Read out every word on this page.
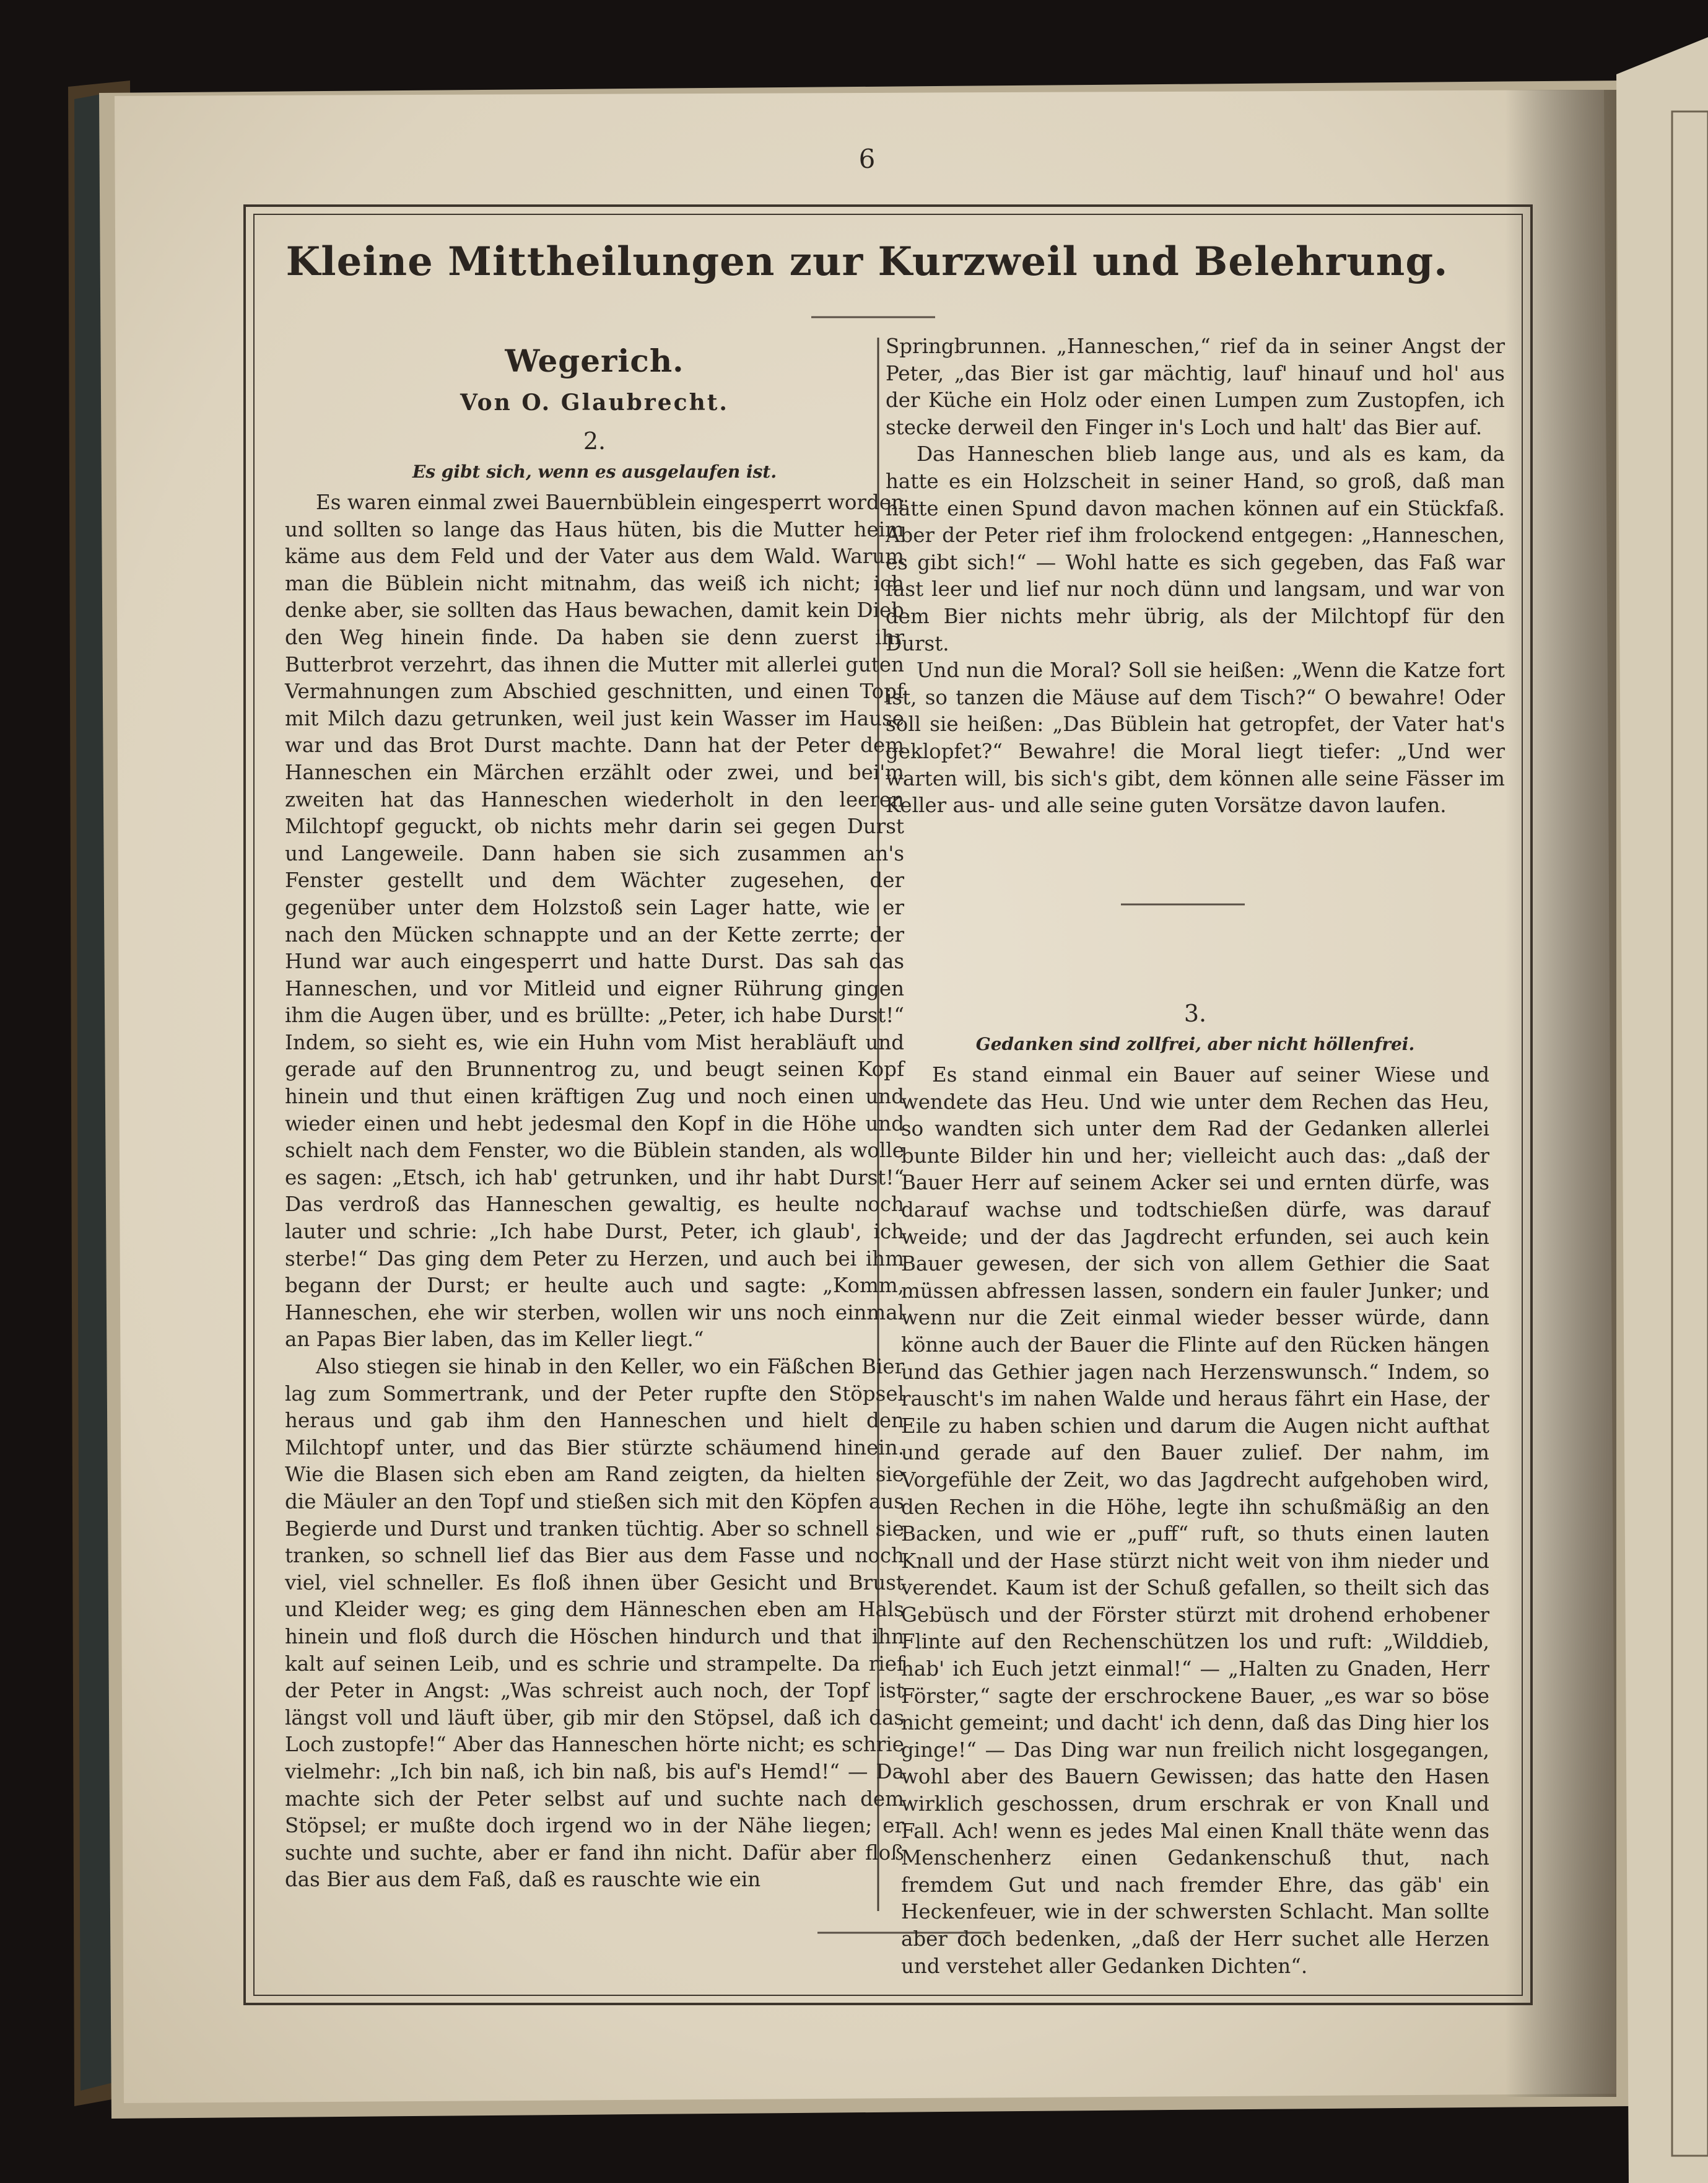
6
Kleine Mittheilungen zur Kurzweil und Belehrung.
Wegerich.
Von O. Glaubrecht.
2.
Es gibt sich, wenn es ausgelaufen ist.

Es waren einmal zwei Bauernbüblein eingesperrt worden und sollten so lange das Haus hüten, bis die Mutter heim käme aus dem Feld und der Vater aus dem Wald. Warum man die Büblein nicht mitnahm, das weiß ich nicht; ich denke aber, sie sollten das Haus bewachen, damit kein Dieb den Weg hinein finde. Da haben sie denn zuerst ihr Butterbrot verzehrt, das ihnen die Mutter mit allerlei guten Vermahnungen zum Abschied geschnitten, und einen Topf mit Milch dazu getrunken, weil just kein Wasser im Hause war und das Brot Durst machte. Dann hat der Peter dem Hanneschen ein Märchen erzählt oder zwei, und bei'm zweiten hat das Hanneschen wiederholt in den leeren Milchtopf geguckt, ob nichts mehr darin sei gegen Durst und Langeweile. Dann haben sie sich zusammen an's Fenster gestellt und dem Wächter zugesehen, der gegenüber unter dem Holzstoß sein Lager hatte, wie er nach den Mücken schnappte und an der Kette zerrte; der Hund war auch eingesperrt und hatte Durst. Das sah das Hanneschen, und vor Mitleid und eigner Rührung gingen ihm die Augen über, und es brüllte: „Peter, ich habe Durst!“ Indem, so sieht es, wie ein Huhn vom Mist herabläuft und gerade auf den Brunnentrog zu, und beugt seinen Kopf hinein und thut einen kräftigen Zug und noch einen und wieder einen und hebt jedesmal den Kopf in die Höhe und schielt nach dem Fenster, wo die Büblein standen, als wolle es sagen: „Etsch, ich hab' getrunken, und ihr habt Durst!“ Das verdroß das Hanneschen gewaltig, es heulte noch lauter und schrie: „Ich habe Durst, Peter, ich glaub', ich sterbe!“ Das ging dem Peter zu Herzen, und auch bei ihm begann der Durst; er heulte auch und sagte: „Komm, Hanneschen, ehe wir sterben, wollen wir uns noch einmal an Papas Bier laben, das im Keller liegt.“

Also stiegen sie hinab in den Keller, wo ein Fäßchen Bier lag zum Sommertrank, und der Peter rupfte den Stöpsel heraus und gab ihm den Hanneschen und hielt den Milchtopf unter, und das Bier stürzte schäumend hinein. Wie die Blasen sich eben am Rand zeigten, da hielten sie die Mäuler an den Topf und stießen sich mit den Köpfen aus Begierde und Durst und tranken tüchtig. Aber so schnell sie tranken, so schnell lief das Bier aus dem Fasse und noch viel, viel schneller. Es floß ihnen über Gesicht und Brust und Kleider weg; es ging dem Hänneschen eben am Hals hinein und floß durch die Höschen hindurch und that ihn kalt auf seinen Leib, und es schrie und strampelte. Da rief der Peter in Angst: „Was schreist auch noch, der Topf ist längst voll und läuft über, gib mir den Stöpsel, daß ich das Loch zustopfe!“ Aber das Hanneschen hörte nicht; es schrie vielmehr: „Ich bin naß, ich bin naß, bis auf's Hemd!“ — Da machte sich der Peter selbst auf und suchte nach dem Stöpsel; er mußte doch irgend wo in der Nähe liegen; er suchte und suchte, aber er fand ihn nicht. Dafür aber floß das Bier aus dem Faß, daß es rauschte wie ein

Springbrunnen. „Hanneschen,“ rief da in seiner Angst der Peter, „das Bier ist gar mächtig, lauf' hinauf und hol' aus der Küche ein Holz oder einen Lumpen zum Zustopfen, ich stecke derweil den Finger in's Loch und halt' das Bier auf.

Das Hanneschen blieb lange aus, und als es kam, da hatte es ein Holzscheit in seiner Hand, so groß, daß man hätte einen Spund davon machen können auf ein Stückfaß. Aber der Peter rief ihm frolockend entgegen: „Hanneschen, es gibt sich!“ — Wohl hatte es sich gegeben, das Faß war fast leer und lief nur noch dünn und langsam, und war von dem Bier nichts mehr übrig, als der Milchtopf für den Durst.

Und nun die Moral? Soll sie heißen: „Wenn die Katze fort ist, so tanzen die Mäuse auf dem Tisch?“ O bewahre! Oder soll sie heißen: „Das Büblein hat getropfet, der Vater hat's geklopfet?“ Bewahre! die Moral liegt tiefer: „Und wer warten will, bis sich's gibt, dem können alle seine Fässer im Keller aus- und alle seine guten Vorsätze davon laufen.

3.
Gedanken sind zollfrei, aber nicht höllenfrei.

Es stand einmal ein Bauer auf seiner Wiese und wendete das Heu. Und wie unter dem Rechen das Heu, so wandten sich unter dem Rad der Gedanken allerlei bunte Bilder hin und her; vielleicht auch das: „daß der Bauer Herr auf seinem Acker sei und ernten dürfe, was darauf wachse und todtschießen dürfe, was darauf weide; und der das Jagdrecht erfunden, sei auch kein Bauer gewesen, der sich von allem Gethier die Saat müssen abfressen lassen, sondern ein fauler Junker; und wenn nur die Zeit einmal wieder besser würde, dann könne auch der Bauer die Flinte auf den Rücken hängen und das Gethier jagen nach Herzenswunsch.“ Indem, so rauscht's im nahen Walde und heraus fährt ein Hase, der Eile zu haben schien und darum die Augen nicht aufthat und gerade auf den Bauer zulief. Der nahm, im Vorgefühle der Zeit, wo das Jagdrecht aufgehoben wird, den Rechen in die Höhe, legte ihn schußmäßig an den Backen, und wie er „puff“ ruft, so thuts einen lauten Knall und der Hase stürzt nicht weit von ihm nieder und verendet. Kaum ist der Schuß gefallen, so theilt sich das Gebüsch und der Förster stürzt mit drohend erhobener Flinte auf den Rechenschützen los und ruft: „Wilddieb, hab' ich Euch jetzt einmal!“ — „Halten zu Gnaden, Herr Förster,“ sagte der erschrockene Bauer, „es war so böse nicht gemeint; und dacht' ich denn, daß das Ding hier los ginge!“ — Das Ding war nun freilich nicht losgegangen, wohl aber des Bauern Gewissen; das hatte den Hasen wirklich geschossen, drum erschrak er von Knall und Fall. Ach! wenn es jedes Mal einen Knall thäte wenn das Menschenherz einen Gedankenschuß thut, nach fremdem Gut und nach fremder Ehre, das gäb' ein Heckenfeuer, wie in der schwersten Schlacht. Man sollte aber doch bedenken, „daß der Herr suchet alle Herzen und verstehet aller Gedanken Dichten“.
